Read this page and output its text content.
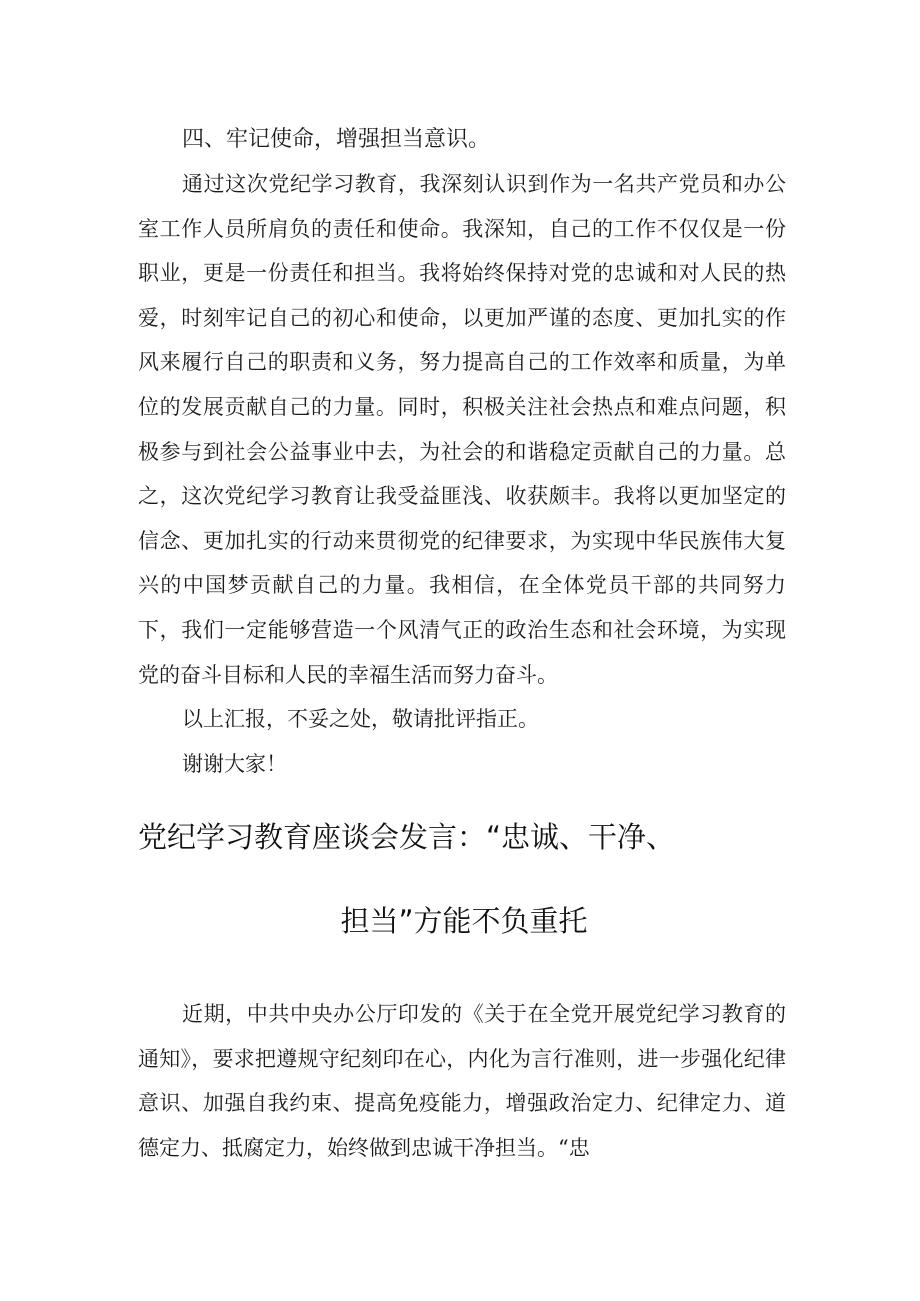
四、牢记使命，增强担当意识。

通过这次党纪学习教育，我深刻认识到作为一名共产党员和办公室工作人员所肩负的责任和使命。我深知，自己的工作不仅仅是一份职业，更是一份责任和担当。我将始终保持对党的忠诚和对人民的热爱，时刻牢记自己的初心和使命，以更加严谨的态度、更加扎实的作风来履行自己的职责和义务，努力提高自己的工作效率和质量，为单位的发展贡献自己的力量。同时，积极关注社会热点和难点问题，积极参与到社会公益事业中去，为社会的和谐稳定贡献自己的力量。总之，这次党纪学习教育让我受益匪浅、收获颇丰。我将以更加坚定的信念、更加扎实的行动来贯彻党的纪律要求，为实现中华民族伟大复兴的中国梦贡献自己的力量。我相信，在全体党员干部的共同努力下，我们一定能够营造一个风清气正的政治生态和社会环境，为实现党的奋斗目标和人民的幸福生活而努力奋斗。

以上汇报，不妥之处，敬请批评指正。

谢谢大家！

党纪学习教育座谈会发言：“忠诚、干净、
担当”方能不负重托

近期，中共中央办公厅印发的《关于在全党开展党纪学习教育的通知》，要求把遵规守纪刻印在心，内化为言行准则，进一步强化纪律意识、加强自我约束、提高免疫能力，增强政治定力、纪律定力、道德定力、抵腐定力，始终做到忠诚干净担当。“忠
